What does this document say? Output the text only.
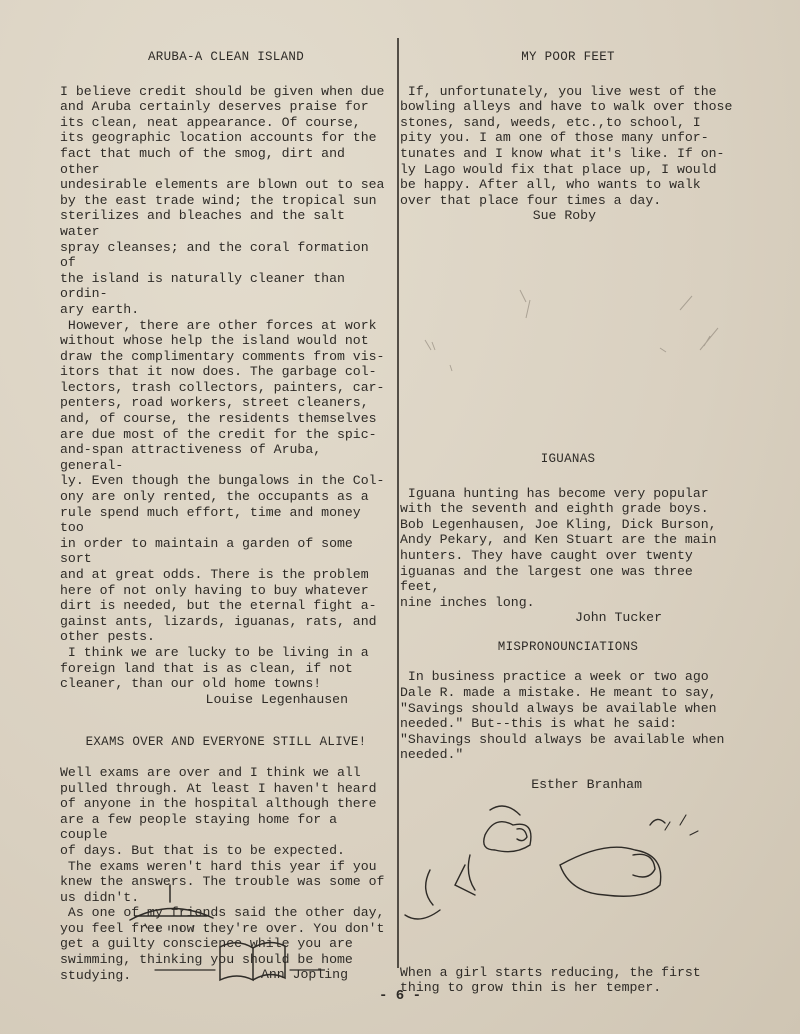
ARUBA-A CLEAN ISLAND

I believe credit should be given when due
and Aruba certainly deserves praise for
its clean, neat appearance. Of course,
its geographic location accounts for the
fact that much of the smog, dirt and other
undesirable elements are blown out to sea
by the east trade wind; the tropical sun
sterilizes and bleaches and the salt water
spray cleanses; and the coral formation of
the island is naturally cleaner than ordin-
ary earth.
However, there are other forces at work
without whose help the island would not
draw the complimentary comments from vis-
itors that it now does. The garbage col-
lectors, trash collectors, painters, car-
penters, road workers, street cleaners,
and, of course, the residents themselves
are due most of the credit for the spic-
and-span attractiveness of Aruba, general-
ly. Even though the bungalows in the Col-
ony are only rented, the occupants as a
rule spend much effort, time and money too
in order to maintain a garden of some sort
and at great odds. There is the problem
here of not only having to buy whatever
dirt is needed, but the eternal fight a-
gainst ants, lizards, iguanas, rats, and
other pests.
I think we are lucky to be living in a
foreign land that is as clean, if not
cleaner, than our old home towns!

Louise Legenhausen
EXAMS OVER AND EVERYONE STILL ALIVE!

Well exams are over and I think we all
pulled through. At least I haven't heard
of anyone in the hospital although there
are a few people staying home for a couple
of days. But that is to be expected.
The exams weren't hard this year if you
knew the answers. The trouble was some of
us didn't.
As one of my friends said the other day,
you feel free now they're over. You don't
get a guilty conscience while you are
swimming, thinking you should be home
studying.	Ann Jopling
MY POOR FEET

If, unfortunately, you live west of the
bowling alleys and have to walk over those
stones, sand, weeds, etc.,to school, I
pity you. I am one of those many unfor-
tunates and I know what it's like. If on-
ly Lago would fix that place up, I would
be happy. After all, who wants to walk
over that place four times a day.

Sue Roby
IGUANAS

Iguana hunting has become very popular
with the seventh and eighth grade boys.
Bob Legenhausen, Joe Kling, Dick Burson,
Andy Pekary, and Ken Stuart are the main
hunters. They have caught over twenty
iguanas and the largest one was three feet,
nine inches long.

John Tucker
MISPRONOUNCIATIONS

In business practice a week or two ago
Dale R. made a mistake. He meant to say,
"Savings should always be available when
needed." But--this is what he said:
"Shavings should always be available when
needed."

Esther Branham

When a girl starts reducing, the first
thing to grow thin is her temper.

- 6 -
